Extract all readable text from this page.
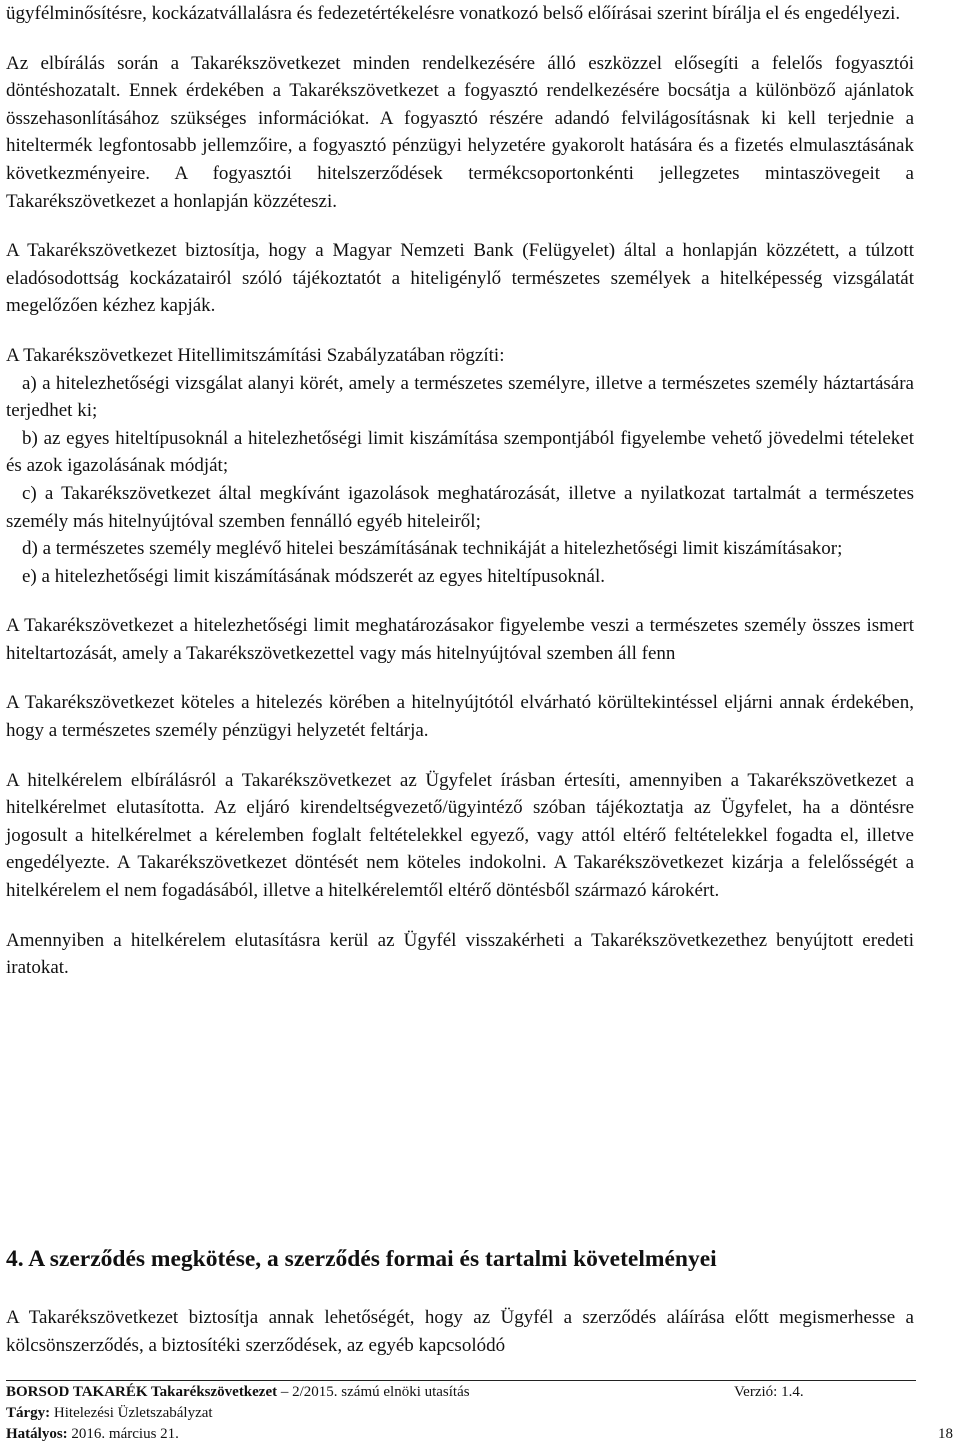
ügyfélminősítésre, kockázatvállalásra és fedezetértékelésre vonatkozó belső előírásai szerint bírálja el és engedélyezi.

Az elbírálás során a Takarékszövetkezet minden rendelkezésére álló eszközzel elősegíti a felelős fogyasztói döntéshozatalt. Ennek érdekében a Takarékszövetkezet a fogyasztó rendelkezésére bocsátja a különböző ajánlatok összehasonlításához szükséges információkat. A fogyasztó részére adandó felvilágosításnak ki kell terjednie a hiteltermék legfontosabb jellemzőire, a fogyasztó pénzügyi helyzetére gyakorolt hatására és a fizetés elmulasztásának következményeire. A fogyasztói hitelszerződések termékcsoportonkénti jellegzetes mintaszövegeit a Takarékszövetkezet a honlapján közzéteszi.

A Takarékszövetkezet biztosítja, hogy a Magyar Nemzeti Bank (Felügyelet) által a honlapján közzétett, a túlzott eladósodottság kockázatairól szóló tájékoztatót a hiteligénylő természetes személyek a hitelképesség vizsgálatát megelőzően kézhez kapják.

A Takarékszövetkezet Hitellimitszámítási Szabályzatában rögzíti:

a) a hitelezhetőségi vizsgálat alanyi körét, amely a természetes személyre, illetve a természetes személy háztartására terjedhet ki;

b) az egyes hiteltípusoknál a hitelezhetőségi limit kiszámítása szempontjából figyelembe vehető jövedelmi tételeket és azok igazolásának módját;

c) a Takarékszövetkezet által megkívánt igazolások meghatározását, illetve a nyilatkozat tartalmát a természetes személy más hitelnyújtóval szemben fennálló egyéb hiteleiről;

d) a természetes személy meglévő hitelei beszámításának technikáját a hitelezhetőségi limit kiszámításakor;

e) a hitelezhetőségi limit kiszámításának módszerét az egyes hiteltípusoknál.

A Takarékszövetkezet a hitelezhetőségi limit meghatározásakor figyelembe veszi a természetes személy összes ismert hiteltartozását, amely a Takarékszövetkezettel vagy más hitelnyújtóval szemben áll fenn

A Takarékszövetkezet köteles a hitelezés körében a hitelnyújtótól elvárható körültekintéssel eljárni annak érdekében, hogy a természetes személy pénzügyi helyzetét feltárja.

A hitelkérelem elbírálásról a Takarékszövetkezet az Ügyfelet írásban értesíti, amennyiben a Takarékszövetkezet a hitelkérelmet elutasította. Az eljáró kirendeltségvezető/ügyintéző szóban tájékoztatja az Ügyfelet, ha a döntésre jogosult a hitelkérelmet a kérelemben foglalt feltételekkel egyező, vagy attól eltérő feltételekkel fogadta el, illetve engedélyezte. A Takarékszövetkezet döntését nem köteles indokolni. A Takarékszövetkezet kizárja a felelősségét a hitelkérelem el nem fogadásából, illetve a hitelkérelemtől eltérő döntésből származó károkért.

Amennyiben a hitelkérelem elutasításra kerül az Ügyfél visszakérheti a Takarékszövetkezethez benyújtott eredeti iratokat.

4. A szerződés megkötése, a szerződés formai és tartalmi követelményei

A Takarékszövetkezet biztosítja annak lehetőségét, hogy az Ügyfél a szerződés aláírása előtt megismerhesse a kölcsönszerződés, a biztosítéki szerződések, az egyéb kapcsolódó

BORSOD TAKARÉK Takarékszövetkezet – 2/2015. számú elnöki utasítás	Verzió: 1.4.
Tárgy: Hitelezési Üzletszabályzat
Hatályos: 2016. március 21.	18
